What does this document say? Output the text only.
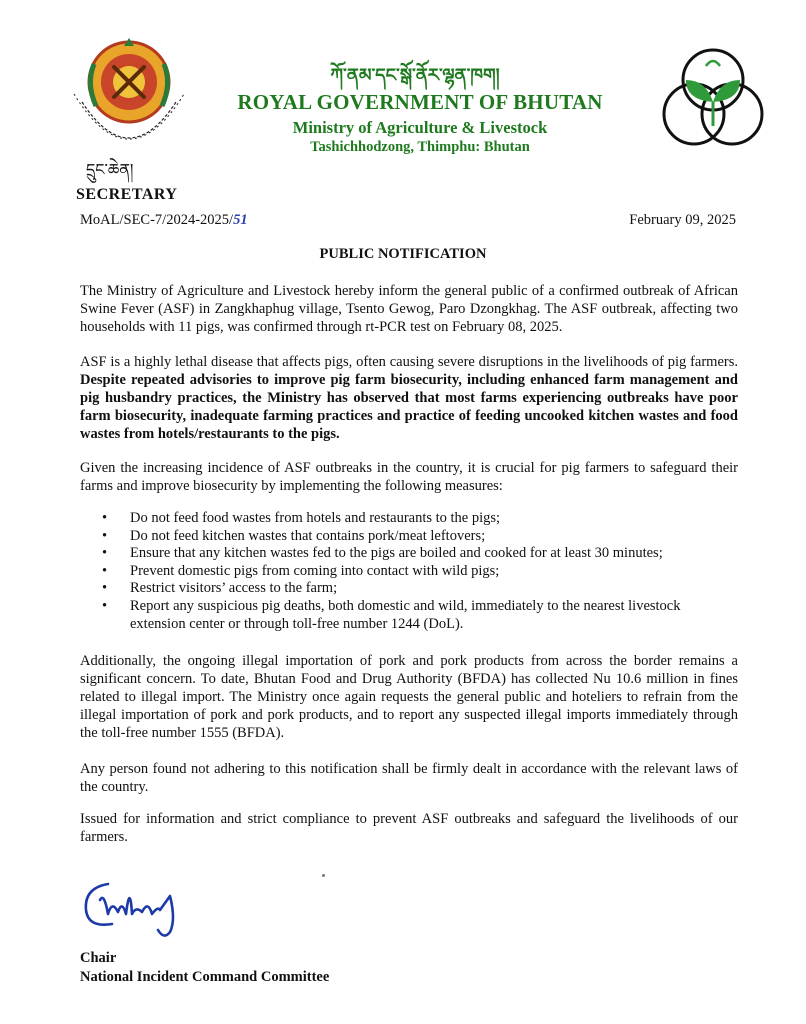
ཀོ་ནམ་དང་སྒོ་ནོར་ལྷན་ཁག།
དྲུང་ཆེན།
ROYAL GOVERNMENT OF BHUTAN
Ministry of Agriculture & Livestock
Tashichhodzong, Thimphu: Bhutan
SECRETARY
MoAL/SEC-7/2024-2025/51	February 09, 2025
PUBLIC NOTIFICATION
The Ministry of Agriculture and Livestock hereby inform the general public of a confirmed outbreak of African Swine Fever (ASF) in Zangkhaphug village, Tsento Gewog, Paro Dzongkhag. The ASF outbreak, affecting two households with 11 pigs, was confirmed through rt-PCR test on February 08, 2025.
ASF is a highly lethal disease that affects pigs, often causing severe disruptions in the livelihoods of pig farmers. Despite repeated advisories to improve pig farm biosecurity, including enhanced farm management and pig husbandry practices, the Ministry has observed that most farms experiencing outbreaks have poor farm biosecurity, inadequate farming practices and practice of feeding uncooked kitchen wastes and food wastes from hotels/restaurants to the pigs.
Given the increasing incidence of ASF outbreaks in the country, it is crucial for pig farmers to safeguard their farms and improve biosecurity by implementing the following measures:
• Do not feed food wastes from hotels and restaurants to the pigs;
• Do not feed kitchen wastes that contains pork/meat leftovers;
• Ensure that any kitchen wastes fed to the pigs are boiled and cooked for at least 30 minutes;
• Prevent domestic pigs from coming into contact with wild pigs;
• Restrict visitors’ access to the farm;
• Report any suspicious pig deaths, both domestic and wild, immediately to the nearest livestock extension center or through toll-free number 1244 (DoL).
Additionally, the ongoing illegal importation of pork and pork products from across the border remains a significant concern. To date, Bhutan Food and Drug Authority (BFDA) has collected Nu 10.6 million in fines related to illegal import. The Ministry once again requests the general public and hoteliers to refrain from the illegal importation of pork and pork products, and to report any suspected illegal imports immediately through the toll-free number 1555 (BFDA).
Any person found not adhering to this notification shall be firmly dealt in accordance with the relevant laws of the country.
Issued for information and strict compliance to prevent ASF outbreaks and safeguard the livelihoods of our farmers.
Chair
National Incident Command Committee
